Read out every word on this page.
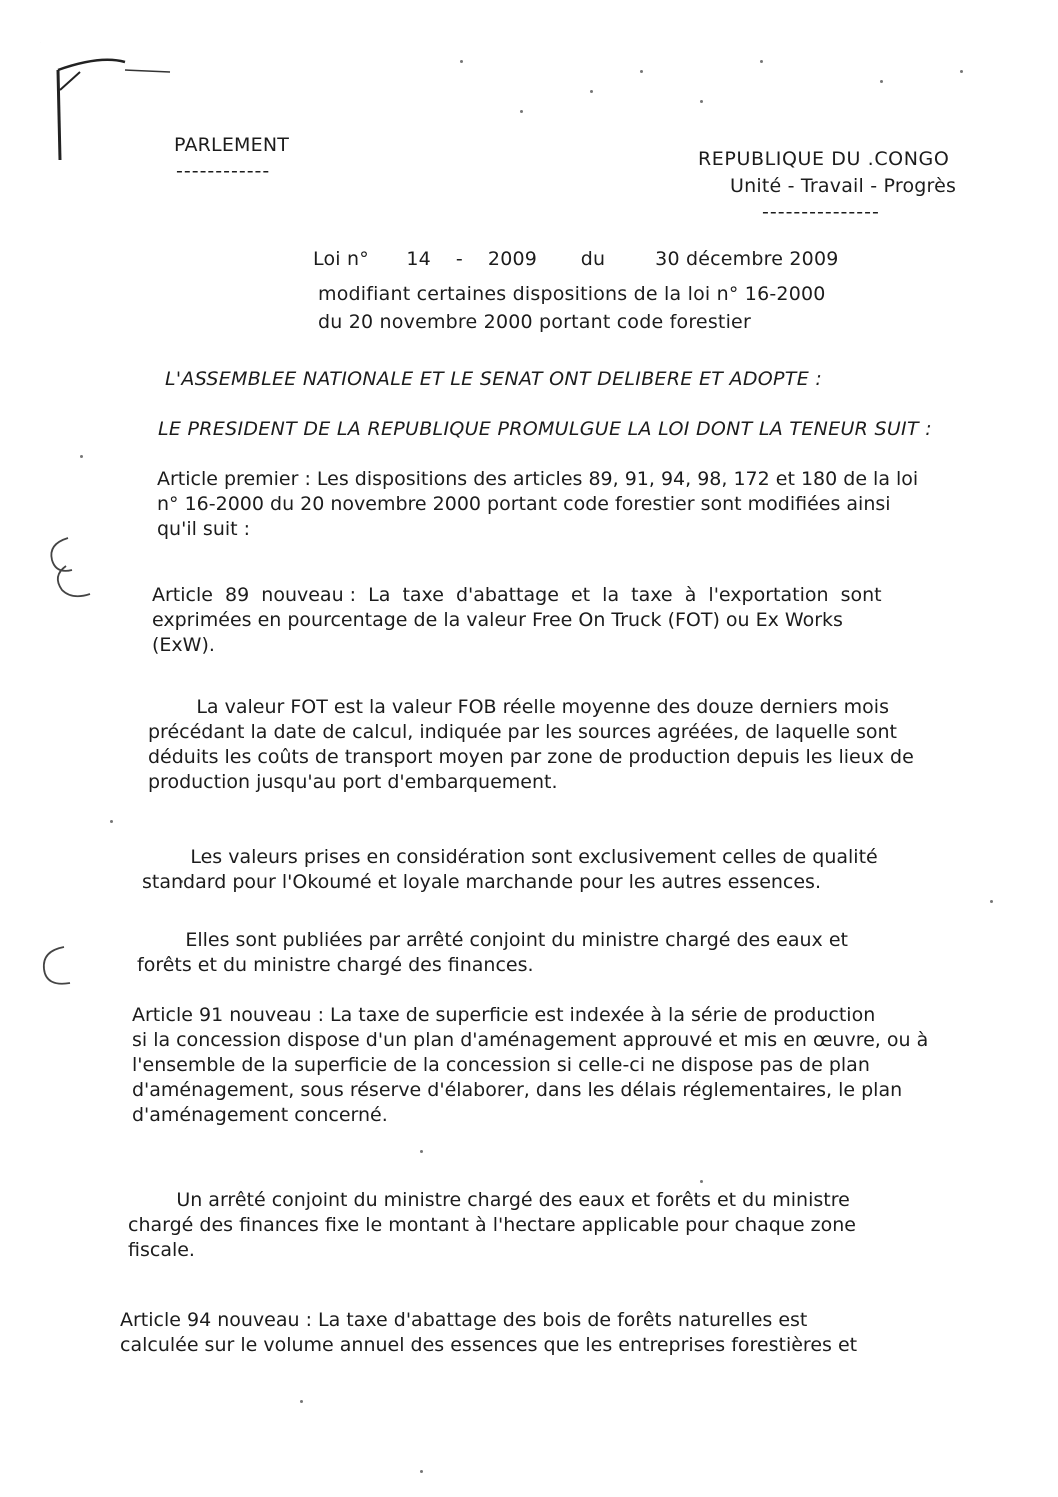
PARLEMENT
------------
REPUBLIQUE DU .CONGO
Unité - Travail - Progrès
---------------
Loi n°      14    -    2009       du        30 décembre 2009
modifiant certaines dispositions de la loi n° 16-2000
du 20 novembre 2000 portant code forestier
L'ASSEMBLEE NATIONALE ET LE SENAT ONT DELIBERE ET ADOPTE :
LE PRESIDENT DE LA REPUBLIQUE PROMULGUE LA LOI DONT LA TENEUR SUIT :
Article premier : Les dispositions des articles 89, 91, 94, 98, 172 et 180 de la loi
n° 16-2000 du 20 novembre 2000 portant code forestier sont modifiées ainsi
qu'il suit :
Article  89  nouveau :  La  taxe  d'abattage  et  la  taxe  à  l'exportation  sont
exprimées en pourcentage de la valeur Free On Truck (FOT) ou Ex Works
(ExW).
La valeur FOT est la valeur FOB réelle moyenne des douze derniers mois
précédant la date de calcul, indiquée par les sources agréées, de laquelle sont
déduits les coûts de transport moyen par zone de production depuis les lieux de
production jusqu'au port d'embarquement.
Les valeurs prises en considération sont exclusivement celles de qualité
standard pour l'Okoumé et loyale marchande pour les autres essences.
Elles sont publiées par arrêté conjoint du ministre chargé des eaux et
forêts et du ministre chargé des finances.
Article 91 nouveau : La taxe de superficie est indexée à la série de production
si la concession dispose d'un plan d'aménagement approuvé et mis en œuvre, ou à
l'ensemble de la superficie de la concession si celle-ci ne dispose pas de plan
d'aménagement, sous réserve d'élaborer, dans les délais réglementaires, le plan
d'aménagement concerné.
Un arrêté conjoint du ministre chargé des eaux et forêts et du ministre
chargé des finances fixe le montant à l'hectare applicable pour chaque zone
fiscale.
Article 94 nouveau : La taxe d'abattage des bois de forêts naturelles est
calculée sur le volume annuel des essences que les entreprises forestières et
